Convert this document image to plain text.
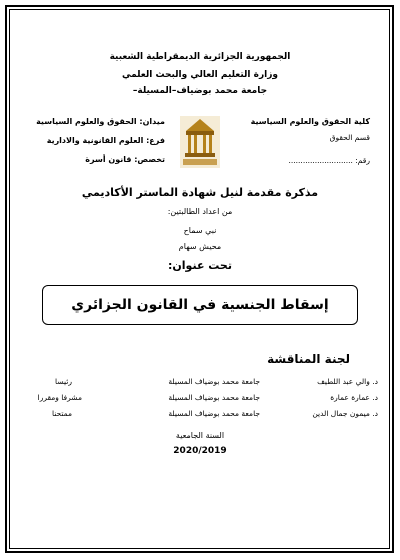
الجمهورية الجزائرية الديمقراطية الشعبية
وزارة التعليم العالي والبحث العلمي
جامعة محمد بوضياف–المسيلة–
كلية الحقوق والعلوم السياسية
قسم الحقوق
رقم: ...........................
ميدان: الحقوق والعلوم السياسية
فرع: العلوم القانونية والادارية
تخصص: قانون أسرة
مذكرة مقدمة لنيل شهادة الماستر الأكاديمي
من اعداد الطالبتين:
نبي سماح
محيش سهام
تحت عنوان:
إسقاط الجنسية في القانون الجزائري
لجنة المناقشة
د. والي عبد اللطيف
جامعة محمد بوضياف المسيلة
رئيسا
د. عمارة عمارة
جامعة محمد بوضياف المسيلة
مشرفا ومقررا
د. ميمون جمال الدين
جامعة محمد بوضياف المسيلة
ممتحنا
السنة الجامعية
2020/2019
